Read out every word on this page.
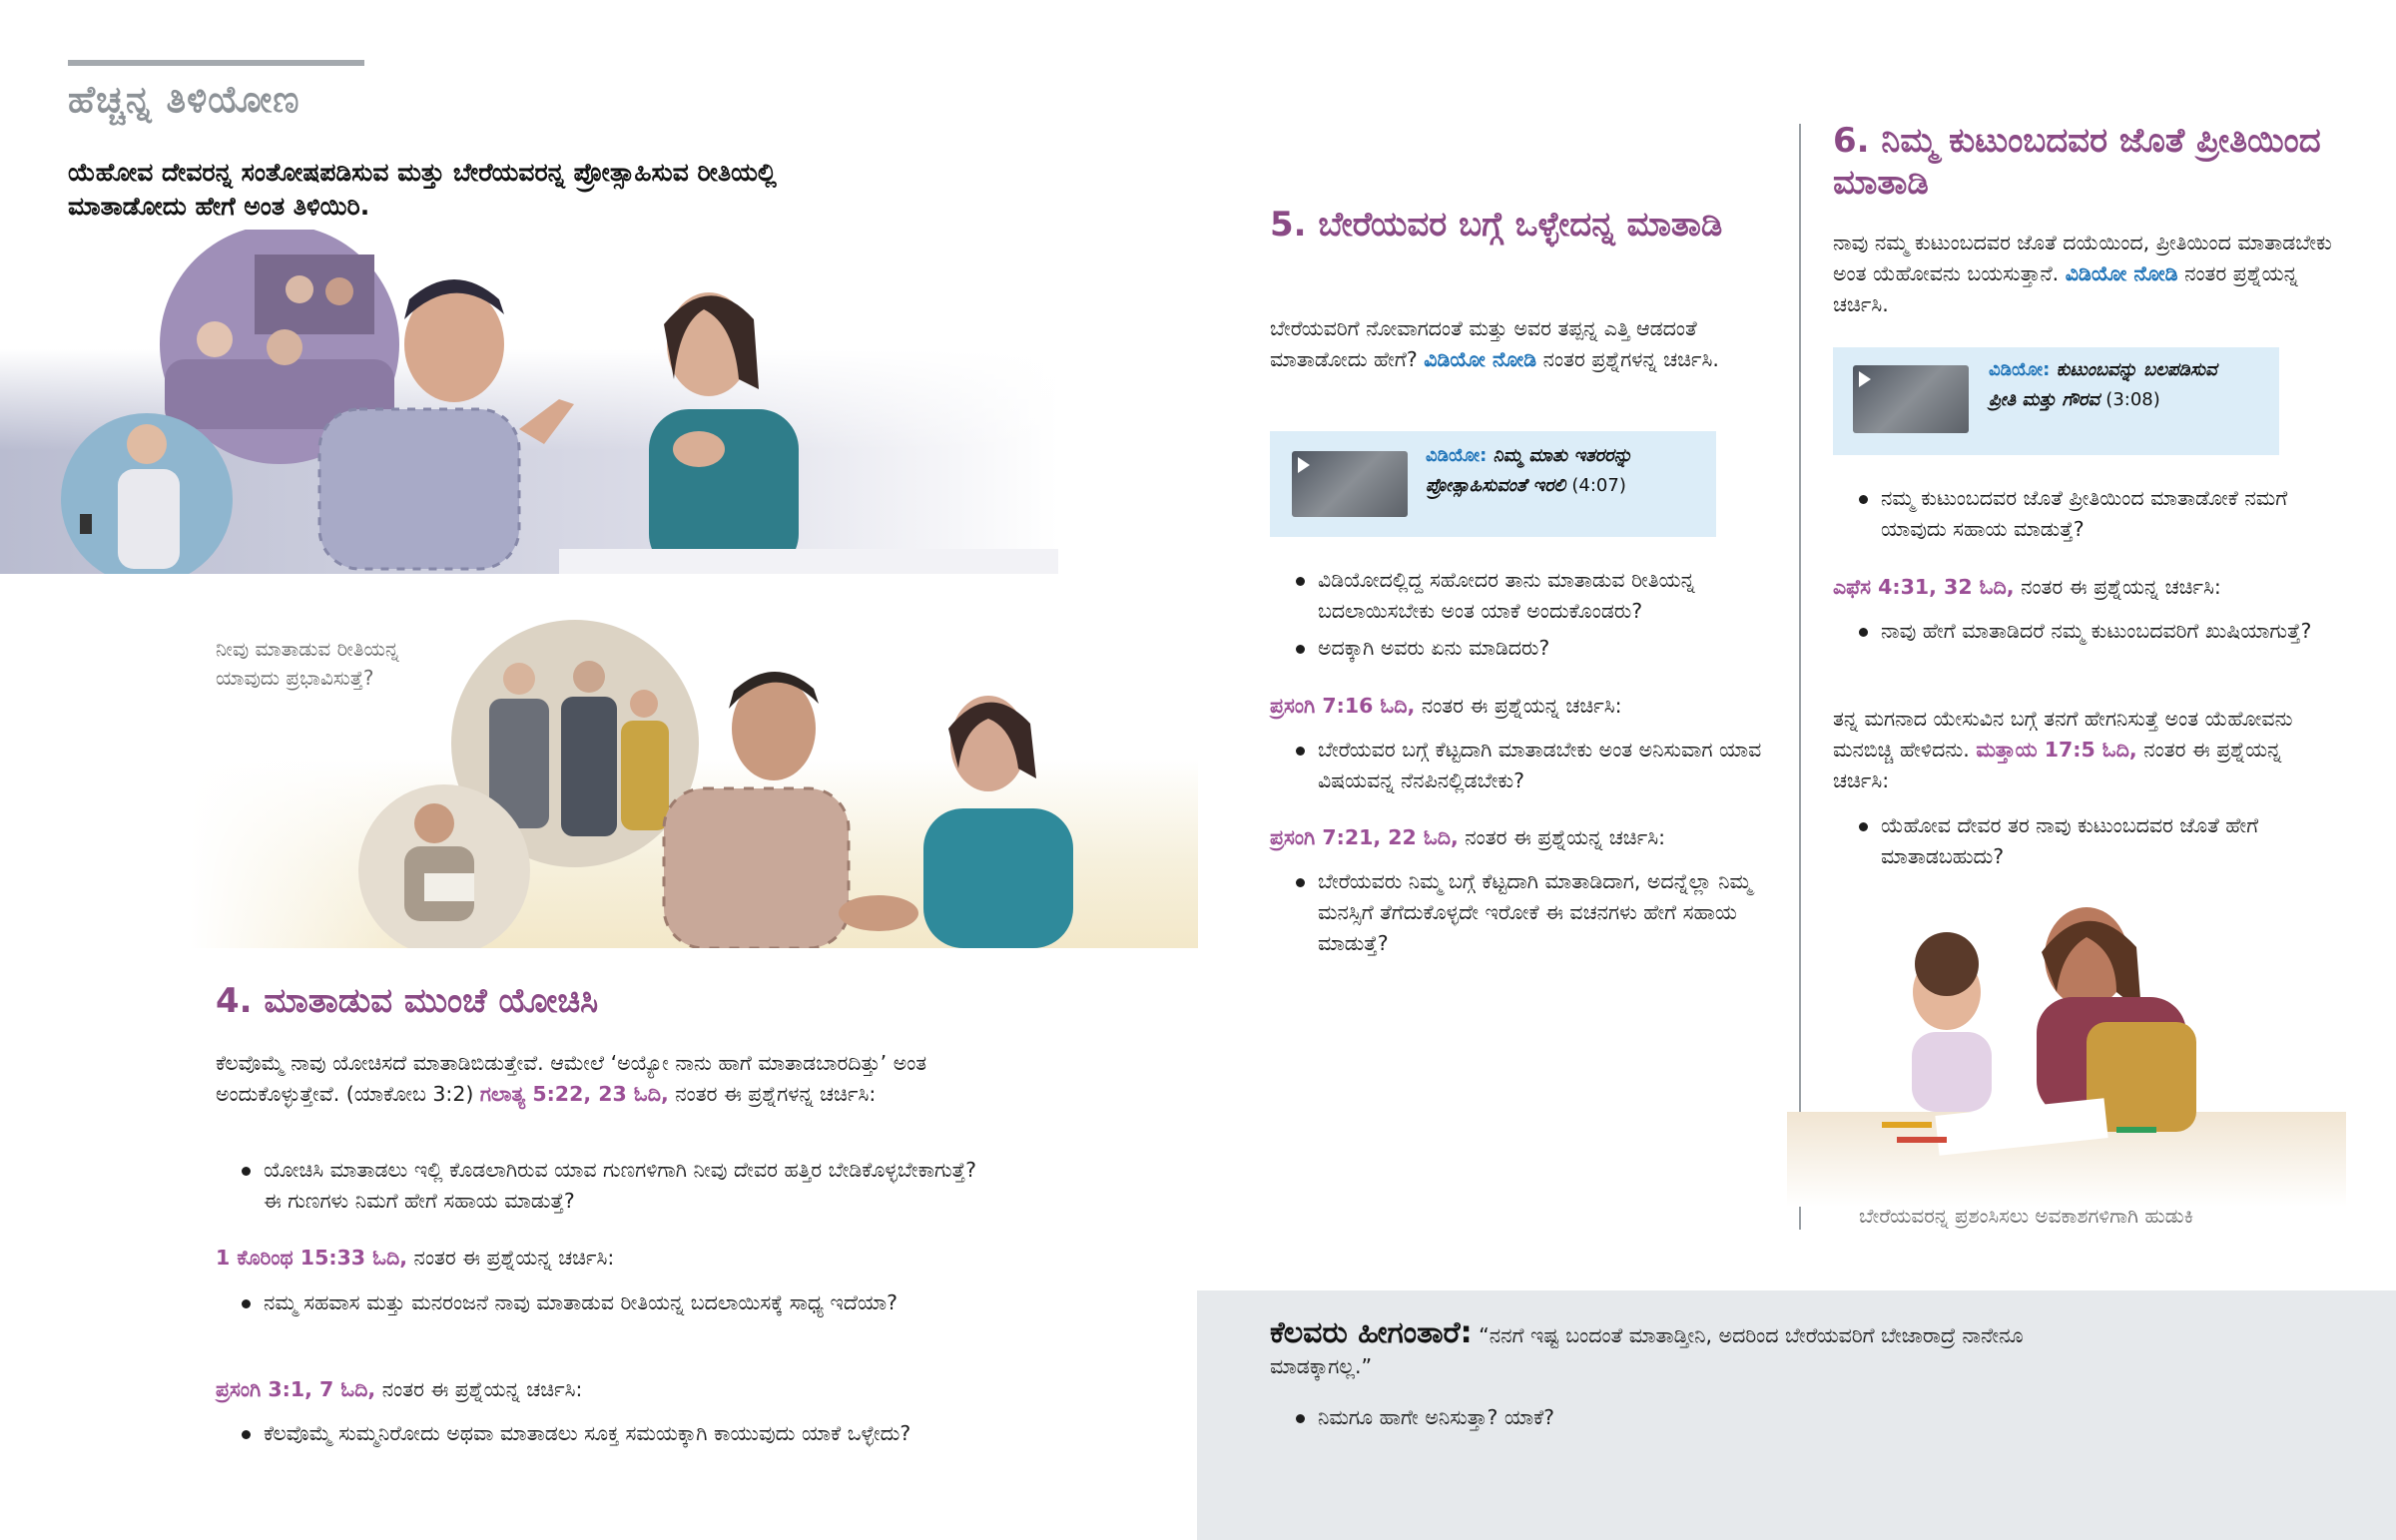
ಹೆಚ್ಚನ್ನ ತಿಳಿಯೋಣ
ಯೆಹೋವ ದೇವರನ್ನ ಸಂತೋಷಪಡಿಸುವ ಮತ್ತು ಬೇರೆಯವರನ್ನ ಪ್ರೋತ್ಸಾಹಿಸುವ ರೀತಿಯಲ್ಲಿ ಮಾತಾಡೋದು ಹೇಗೆ ಅಂತ ತಿಳಿಯಿರಿ.
ನೀವು ಮಾತಾಡುವ ರೀತಿಯನ್ನ ಯಾವುದು ಪ್ರಭಾವಿಸುತ್ತೆ?
4. ಮಾತಾಡುವ ಮುಂಚೆ ಯೋಚಿಸಿ
ಕೆಲವೊಮ್ಮೆ ನಾವು ಯೋಚಿಸದೆ ಮಾತಾಡಿಬಿಡುತ್ತೇವೆ. ಆಮೇಲೆ ‘ಅಯ್ಯೋ ನಾನು ಹಾಗೆ ಮಾತಾಡಬಾರದಿತ್ತು’ ಅಂತ ಅಂದುಕೊಳ್ಳುತ್ತೇವೆ. (ಯಾಕೋಬ 3:2) ಗಲಾತ್ಯ 5:22, 23 ಓದಿ, ನಂತರ ಈ ಪ್ರಶ್ನೆಗಳನ್ನ ಚರ್ಚಿಸಿ:
ಯೋಚಿಸಿ ಮಾತಾಡಲು ಇಲ್ಲಿ ಕೊಡಲಾಗಿರುವ ಯಾವ ಗುಣಗಳಿಗಾಗಿ ನೀವು ದೇವರ ಹತ್ತಿರ ಬೇಡಿಕೊಳ್ಳಬೇಕಾಗುತ್ತೆ? ಈ ಗುಣಗಳು ನಿಮಗೆ ಹೇಗೆ ಸಹಾಯ ಮಾಡುತ್ತೆ?
1 ಕೊರಿಂಥ 15:33 ಓದಿ, ನಂತರ ಈ ಪ್ರಶ್ನೆಯನ್ನ ಚರ್ಚಿಸಿ:
ನಮ್ಮ ಸಹವಾಸ ಮತ್ತು ಮನರಂಜನೆ ನಾವು ಮಾತಾಡುವ ರೀತಿಯನ್ನ ಬದಲಾಯಿಸಕ್ಕೆ ಸಾಧ್ಯ ಇದೆಯಾ?
ಪ್ರಸಂಗಿ 3:1, 7 ಓದಿ, ನಂತರ ಈ ಪ್ರಶ್ನೆಯನ್ನ ಚರ್ಚಿಸಿ:
ಕೆಲವೊಮ್ಮೆ ಸುಮ್ಮನಿರೋದು ಅಥವಾ ಮಾತಾಡಲು ಸೂಕ್ತ ಸಮಯಕ್ಕಾಗಿ ಕಾಯುವುದು ಯಾಕೆ ಒಳ್ಳೇದು?
5. ಬೇರೆಯವರ ಬಗ್ಗೆ ಒಳ್ಳೇದನ್ನ ಮಾತಾಡಿ
ಬೇರೆಯವರಿಗೆ ನೋವಾಗದಂತೆ ಮತ್ತು ಅವರ ತಪ್ಪನ್ನ ಎತ್ತಿ ಆಡದಂತೆ ಮಾತಾಡೋದು ಹೇಗೆ? ವಿಡಿಯೋ ನೋಡಿ ನಂತರ ಪ್ರಶ್ನೆಗಳನ್ನ ಚರ್ಚಿಸಿ.
ವಿಡಿಯೋ: ನಿಮ್ಮ ಮಾತು ಇತರರನ್ನು ಪ್ರೋತ್ಸಾಹಿಸುವಂತೆ ಇರಲಿ (4:07)
ವಿಡಿಯೋದಲ್ಲಿದ್ದ ಸಹೋದರ ತಾನು ಮಾತಾಡುವ ರೀತಿಯನ್ನ ಬದಲಾಯಿಸಬೇಕು ಅಂತ ಯಾಕೆ ಅಂದುಕೊಂಡರು?
ಅದಕ್ಕಾಗಿ ಅವರು ಏನು ಮಾಡಿದರು?
ಪ್ರಸಂಗಿ 7:16 ಓದಿ, ನಂತರ ಈ ಪ್ರಶ್ನೆಯನ್ನ ಚರ್ಚಿಸಿ:
ಬೇರೆಯವರ ಬಗ್ಗೆ ಕೆಟ್ಟದಾಗಿ ಮಾತಾಡಬೇಕು ಅಂತ ಅನಿಸುವಾಗ ಯಾವ ವಿಷಯವನ್ನ ನೆನಪಿನಲ್ಲಿಡಬೇಕು?
ಪ್ರಸಂಗಿ 7:21, 22 ಓದಿ, ನಂತರ ಈ ಪ್ರಶ್ನೆಯನ್ನ ಚರ್ಚಿಸಿ:
ಬೇರೆಯವರು ನಿಮ್ಮ ಬಗ್ಗೆ ಕೆಟ್ಟದಾಗಿ ಮಾತಾಡಿದಾಗ, ಅದನ್ನೆಲ್ಲಾ ನಿಮ್ಮ ಮನಸ್ಸಿಗೆ ತೆಗೆದುಕೊಳ್ಳದೇ ಇರೋಕೆ ಈ ವಚನಗಳು ಹೇಗೆ ಸಹಾಯ ಮಾಡುತ್ತೆ?
6. ನಿಮ್ಮ ಕುಟುಂಬದವರ ಜೊತೆ ಪ್ರೀತಿಯಿಂದ ಮಾತಾಡಿ
ನಾವು ನಮ್ಮ ಕುಟುಂಬದವರ ಜೊತೆ ದಯೆಯಿಂದ, ಪ್ರೀತಿಯಿಂದ ಮಾತಾಡಬೇಕು ಅಂತ ಯೆಹೋವನು ಬಯಸುತ್ತಾನೆ. ವಿಡಿಯೋ ನೋಡಿ ನಂತರ ಪ್ರಶ್ನೆಯನ್ನ ಚರ್ಚಿಸಿ.
ವಿಡಿಯೋ: ಕುಟುಂಬವನ್ನು ಬಲಪಡಿಸುವ ಪ್ರೀತಿ ಮತ್ತು ಗೌರವ (3:08)
ನಮ್ಮ ಕುಟುಂಬದವರ ಜೊತೆ ಪ್ರೀತಿಯಿಂದ ಮಾತಾಡೋಕೆ ನಮಗೆ ಯಾವುದು ಸಹಾಯ ಮಾಡುತ್ತೆ?
ಎಫೆಸ 4:31, 32 ಓದಿ, ನಂತರ ಈ ಪ್ರಶ್ನೆಯನ್ನ ಚರ್ಚಿಸಿ:
ನಾವು ಹೇಗೆ ಮಾತಾಡಿದರೆ ನಮ್ಮ ಕುಟುಂಬದವರಿಗೆ ಖುಷಿಯಾಗುತ್ತೆ?
ತನ್ನ ಮಗನಾದ ಯೇಸುವಿನ ಬಗ್ಗೆ ತನಗೆ ಹೇಗನಿಸುತ್ತೆ ಅಂತ ಯೆಹೋವನು ಮನಬಿಚ್ಚಿ ಹೇಳಿದನು. ಮತ್ತಾಯ 17:5 ಓದಿ, ನಂತರ ಈ ಪ್ರಶ್ನೆಯನ್ನ ಚರ್ಚಿಸಿ:
ಯೆಹೋವ ದೇವರ ತರ ನಾವು ಕುಟುಂಬದವರ ಜೊತೆ ಹೇಗೆ ಮಾತಾಡಬಹುದು?
ಬೇರೆಯವರನ್ನ ಪ್ರಶಂಸಿಸಲು ಅವಕಾಶಗಳಿಗಾಗಿ ಹುಡುಕಿ
ಕೆಲವರು ಹೀಗಂತಾರೆ: “ನನಗೆ ಇಷ್ಟ ಬಂದಂತೆ ಮಾತಾಡ್ತೀನಿ, ಅದರಿಂದ ಬೇರೆಯವರಿಗೆ ಬೇಜಾರಾದ್ರೆ ನಾನೇನೂ ಮಾಡಕ್ಕಾಗಲ್ಲ.”
ನಿಮಗೂ ಹಾಗೇ ಅನಿಸುತ್ತಾ? ಯಾಕೆ?
